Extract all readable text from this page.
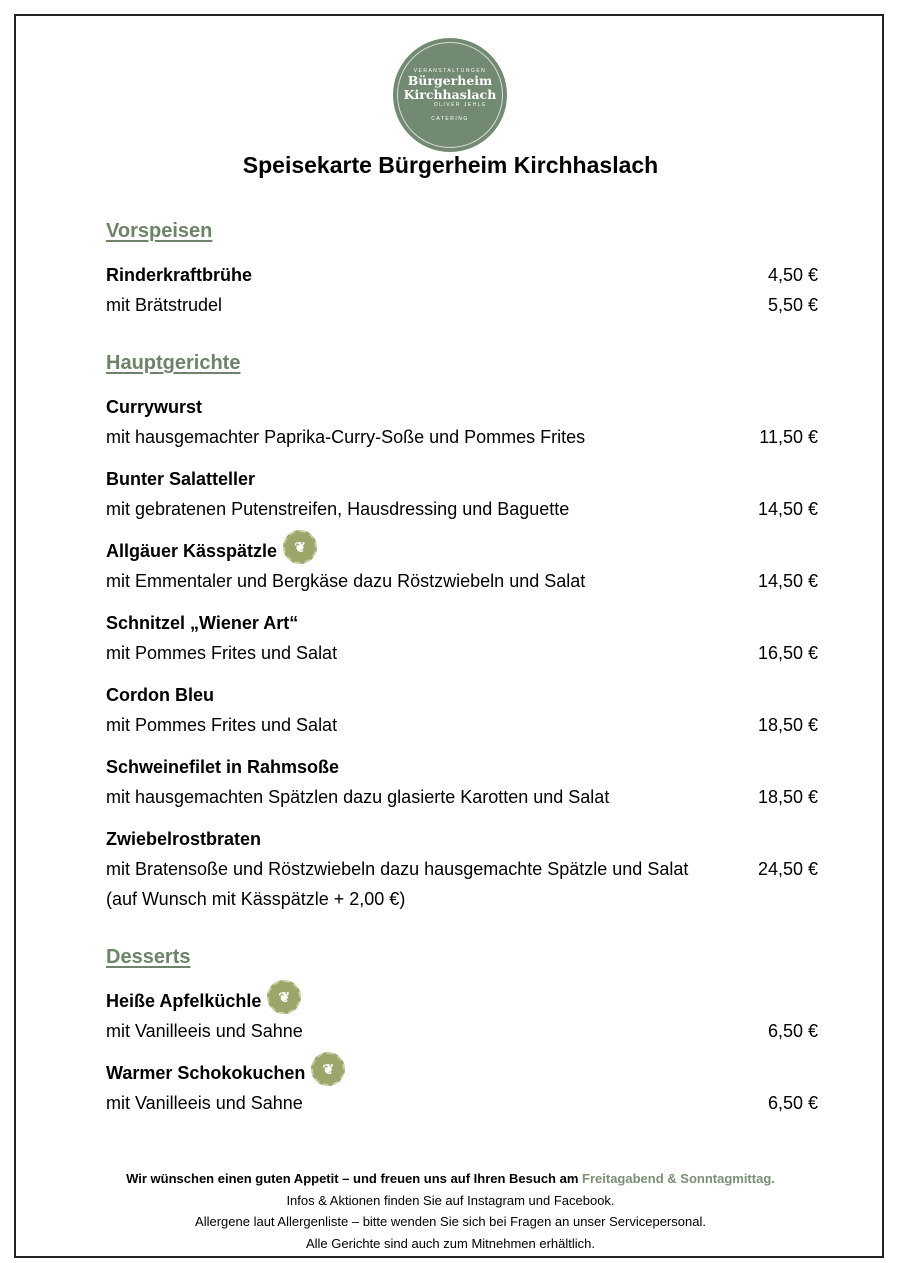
VERANSTALTUNGEN
Bürgerheim
Kirchhaslach
OLIVER JEHLE
CATERING
Speisekarte Bürgerheim Kirchhaslach
Vorspeisen
Rinderkraftbrühe	4,50 €
mit Brätstrudel	5,50 €
Hauptgerichte
Currywurst
mit hausgemachter Paprika-Curry-Soße und Pommes Frites	11,50 €
Bunter Salatteller
mit gebratenen Putenstreifen, Hausdressing und Baguette	14,50 €
Allgäuer Kässpätzle	❦
mit Emmentaler und Bergkäse dazu Röstzwiebeln und Salat	14,50 €
Schnitzel „Wiener Art“
mit Pommes Frites und Salat	16,50 €
Cordon Bleu
mit Pommes Frites und Salat	18,50 €
Schweinefilet in Rahmsoße
mit hausgemachten Spätzlen dazu glasierte Karotten und Salat	18,50 €
Zwiebelrostbraten
mit Bratensoße und Röstzwiebeln dazu hausgemachte Spätzle und Salat	24,50 €
(auf Wunsch mit Kässpätzle + 2,00 €)
Desserts
Heiße Apfelküchle	❦
mit Vanilleeis und Sahne	6,50 €
Warmer Schokokuchen	❦
mit Vanilleeis und Sahne	6,50 €
Wir wünschen einen guten Appetit – und freuen uns auf Ihren Besuch am Freitagabend & Sonntagmittag.
Infos & Aktionen finden Sie auf Instagram und Facebook.
Allergene laut Allergenliste – bitte wenden Sie sich bei Fragen an unser Servicepersonal.
Alle Gerichte sind auch zum Mitnehmen erhältlich.
